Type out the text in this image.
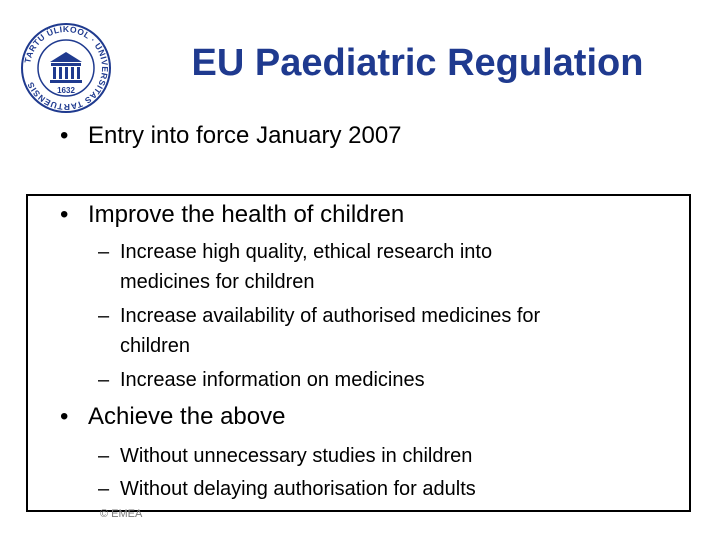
TARTU ÜLIKOOL · UNIVERSITAS TARTUENSIS
1632
EU Paediatric Regulation
• Entry into force January 2007
• Improve the health of children
– Increase high quality, ethical research into
medicines for children
– Increase availability of authorised medicines for
children
– Increase information on medicines
• Achieve the above
– Without unnecessary studies in children
– Without delaying authorisation for adults
© EMEA
